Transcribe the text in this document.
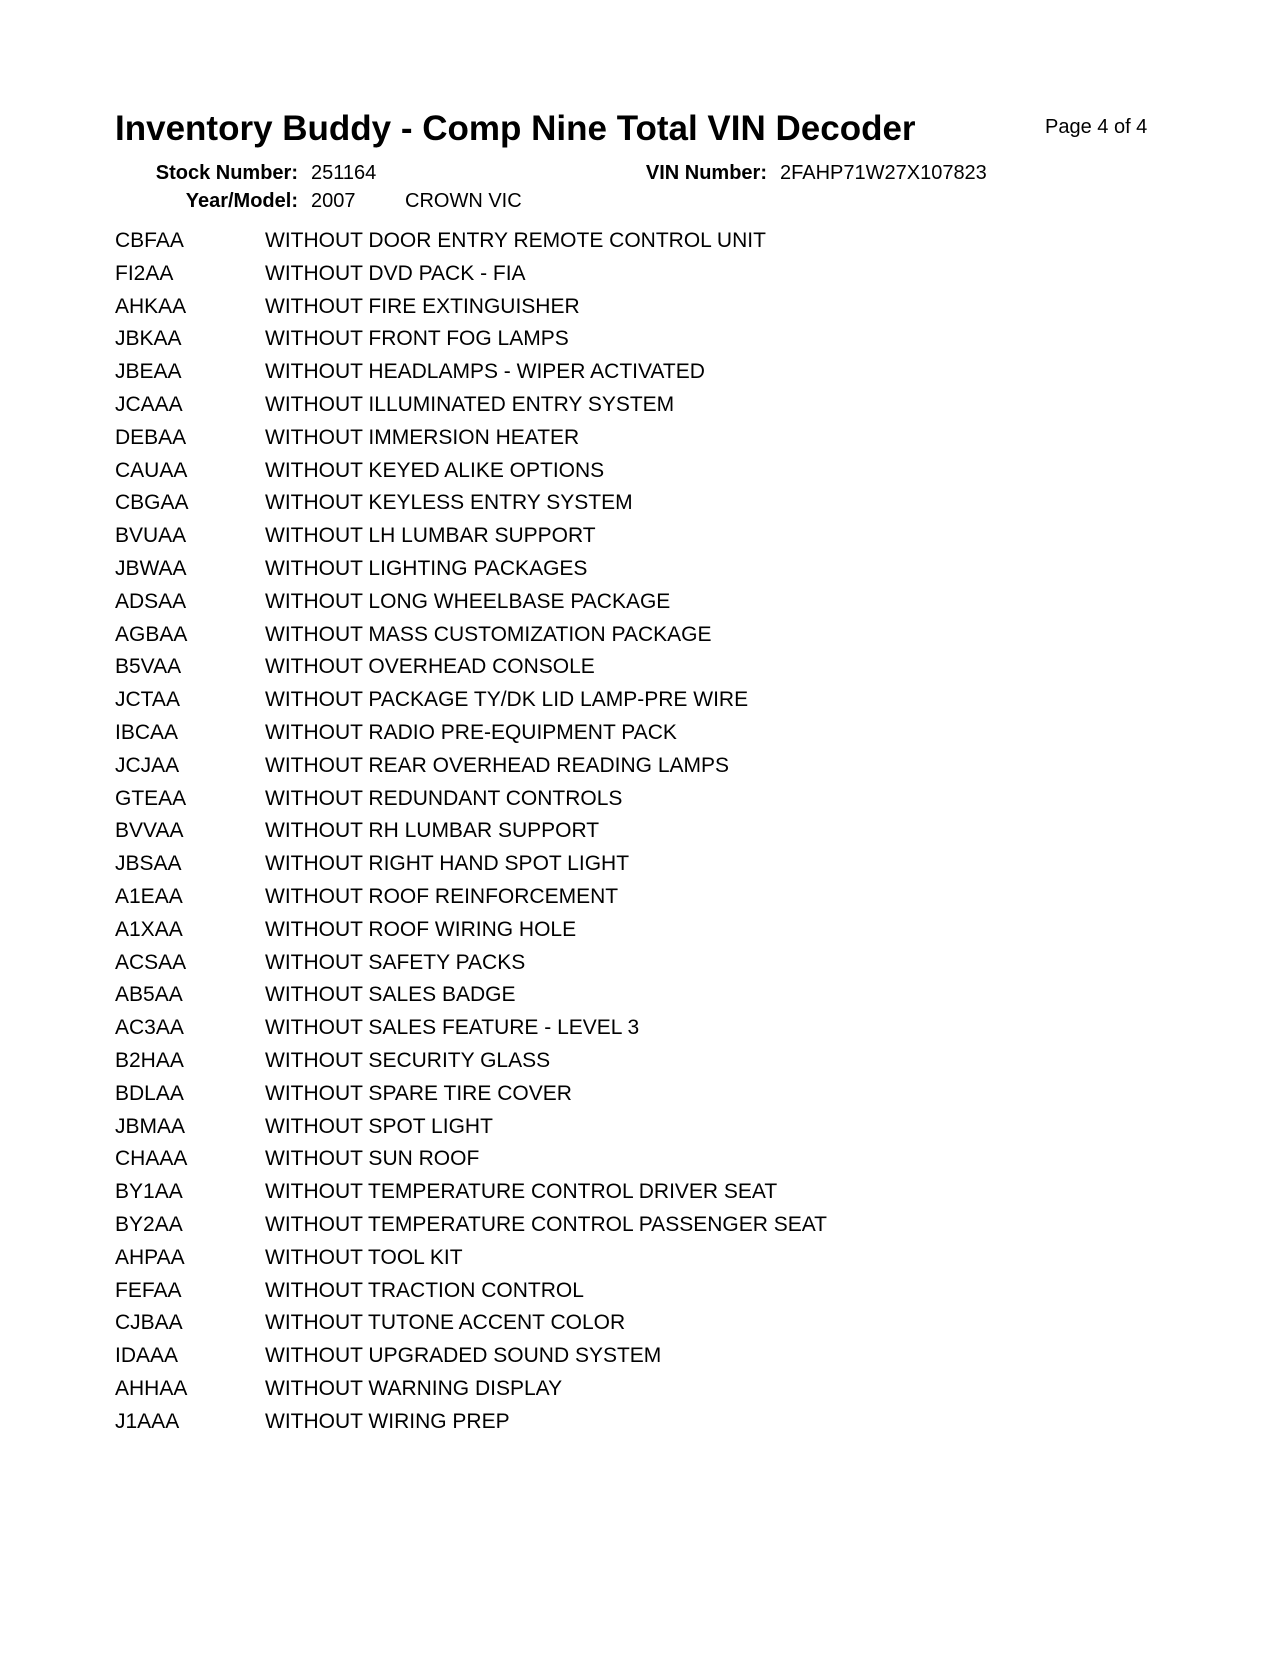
Inventory Buddy - Comp Nine Total VIN Decoder	Page 4 of 4
Stock Number: 251164	VIN Number: 2FAHP71W27X107823
Year/Model: 2007 CROWN VIC
CBFAA	WITHOUT DOOR ENTRY REMOTE CONTROL UNIT
FI2AA	WITHOUT DVD PACK - FIA
AHKAA	WITHOUT FIRE EXTINGUISHER
JBKAA	WITHOUT FRONT FOG LAMPS
JBEAA	WITHOUT HEADLAMPS - WIPER ACTIVATED
JCAAA	WITHOUT ILLUMINATED ENTRY SYSTEM
DEBAA	WITHOUT IMMERSION HEATER
CAUAA	WITHOUT KEYED ALIKE OPTIONS
CBGAA	WITHOUT KEYLESS ENTRY SYSTEM
BVUAA	WITHOUT LH LUMBAR SUPPORT
JBWAA	WITHOUT LIGHTING PACKAGES
ADSAA	WITHOUT LONG WHEELBASE PACKAGE
AGBAA	WITHOUT MASS CUSTOMIZATION PACKAGE
B5VAA	WITHOUT OVERHEAD CONSOLE
JCTAA	WITHOUT PACKAGE TY/DK LID LAMP-PRE WIRE
IBCAA	WITHOUT RADIO PRE-EQUIPMENT PACK
JCJAA	WITHOUT REAR OVERHEAD READING LAMPS
GTEAA	WITHOUT REDUNDANT CONTROLS
BVVAA	WITHOUT RH LUMBAR SUPPORT
JBSAA	WITHOUT RIGHT HAND SPOT LIGHT
A1EAA	WITHOUT ROOF REINFORCEMENT
A1XAA	WITHOUT ROOF WIRING HOLE
ACSAA	WITHOUT SAFETY PACKS
AB5AA	WITHOUT SALES BADGE
AC3AA	WITHOUT SALES FEATURE - LEVEL 3
B2HAA	WITHOUT SECURITY GLASS
BDLAA	WITHOUT SPARE TIRE COVER
JBMAA	WITHOUT SPOT LIGHT
CHAAA	WITHOUT SUN ROOF
BY1AA	WITHOUT TEMPERATURE CONTROL DRIVER SEAT
BY2AA	WITHOUT TEMPERATURE CONTROL PASSENGER SEAT
AHPAA	WITHOUT TOOL KIT
FEFAA	WITHOUT TRACTION CONTROL
CJBAA	WITHOUT TUTONE ACCENT COLOR
IDAAA	WITHOUT UPGRADED SOUND SYSTEM
AHHAA	WITHOUT WARNING DISPLAY
J1AAA	WITHOUT WIRING PREP
